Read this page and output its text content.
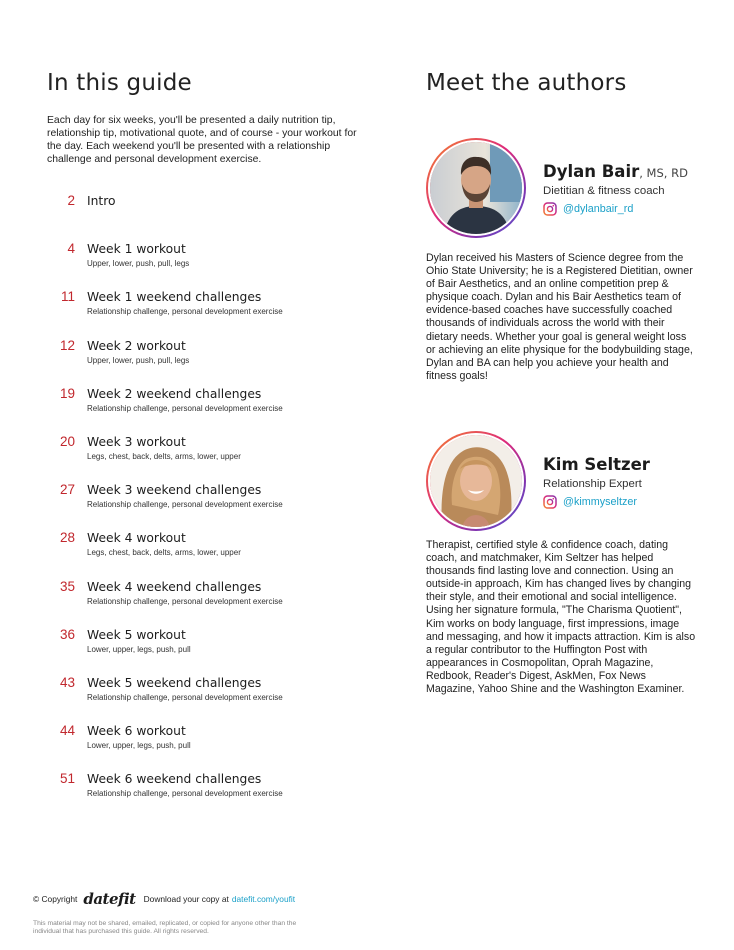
In this guide

Each day for six weeks, you'll be presented a daily nutrition tip, relationship tip, motivational quote, and of course - your workout for the day. Each weekend you'll be presented with a relationship challenge and personal development exercise.

2 Intro
4 Week 1 workout
Upper, lower, push, pull, legs
11 Week 1 weekend challenges
Relationship challenge, personal development exercise
12 Week 2 workout
Upper, lower, push, pull, legs
19 Week 2 weekend challenges
Relationship challenge, personal development exercise
20 Week 3 workout
Legs, chest, back, delts, arms, lower, upper
27 Week 3 weekend challenges
Relationship challenge, personal development exercise
28 Week 4 workout
Legs, chest, back, delts, arms, lower, upper
35 Week 4 weekend challenges
Relationship challenge, personal development exercise
36 Week 5 workout
Lower, upper, legs, push, pull
43 Week 5 weekend challenges
Relationship challenge, personal development exercise
44 Week 6 workout
Lower, upper, legs, push, pull
51 Week 6 weekend challenges
Relationship challenge, personal development exercise
Meet the authors
Dylan Bair, MS, RD
Dietitian & fitness coach
@dylanbair_rd

Dylan received his Masters of Science degree from the Ohio State University; he is a Registered Dietitian, owner of Bair Aesthetics, and an online competition prep & physique coach. Dylan and his Bair Aesthetics team of evidence-based coaches have successfully coached thousands of individuals across the world with their dietary needs. Whether your goal is general weight loss or achieving an elite physique for the bodybuilding stage, Dylan and BA can help you achieve your health and fitness goals!

Kim Seltzer
Relationship Expert
@kimmyseltzer

Therapist, certified style & confidence coach, dating coach, and matchmaker, Kim Seltzer has helped thousands find lasting love and connection. Using an outside-in approach, Kim has changed lives by changing their style, and their emotional and social intelligence. Using her signature formula, "The Charisma Quotient", Kim works on body language, first impressions, image and messaging, and how it impacts attraction. Kim is also a regular contributor to the Huffington Post with appearances in Cosmopolitan, Oprah Magazine, Redbook, Reader's Digest, AskMen, Fox News Magazine, Yahoo Shine and the Washington Examiner.

© Copyright datefit Download your copy at datefit.com/youfit

This material may not be shared, emailed, replicated, or copied for anyone other than the individual that has purchased this guide. All rights reserved.
